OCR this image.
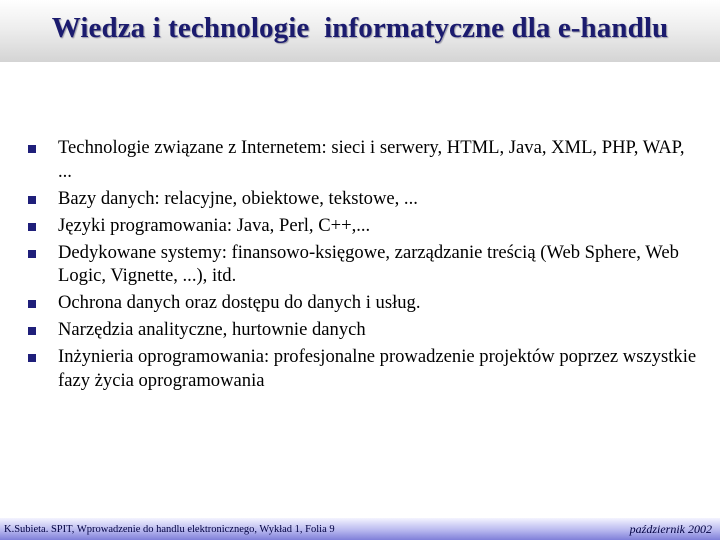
Wiedza i technologie  informatyczne dla e-handlu
Technologie związane z Internetem: sieci i serwery, HTML, Java, XML, PHP, WAP, ...
Bazy danych: relacyjne, obiektowe, tekstowe, ...
Języki programowania: Java, Perl, C++,...
Dedykowane systemy: finansowo-księgowe, zarządzanie treścią (Web Sphere, Web Logic, Vignette, ...), itd.
Ochrona danych oraz dostępu do danych i usług.
Narzędzia analityczne, hurtownie danych
Inżynieria oprogramowania: profesjonalne prowadzenie projektów poprzez wszystkie fazy życia oprogramowania
K.Subieta. SPIT, Wprowadzenie do handlu elektronicznego, Wykład 1, Folia 9	październik 2002
